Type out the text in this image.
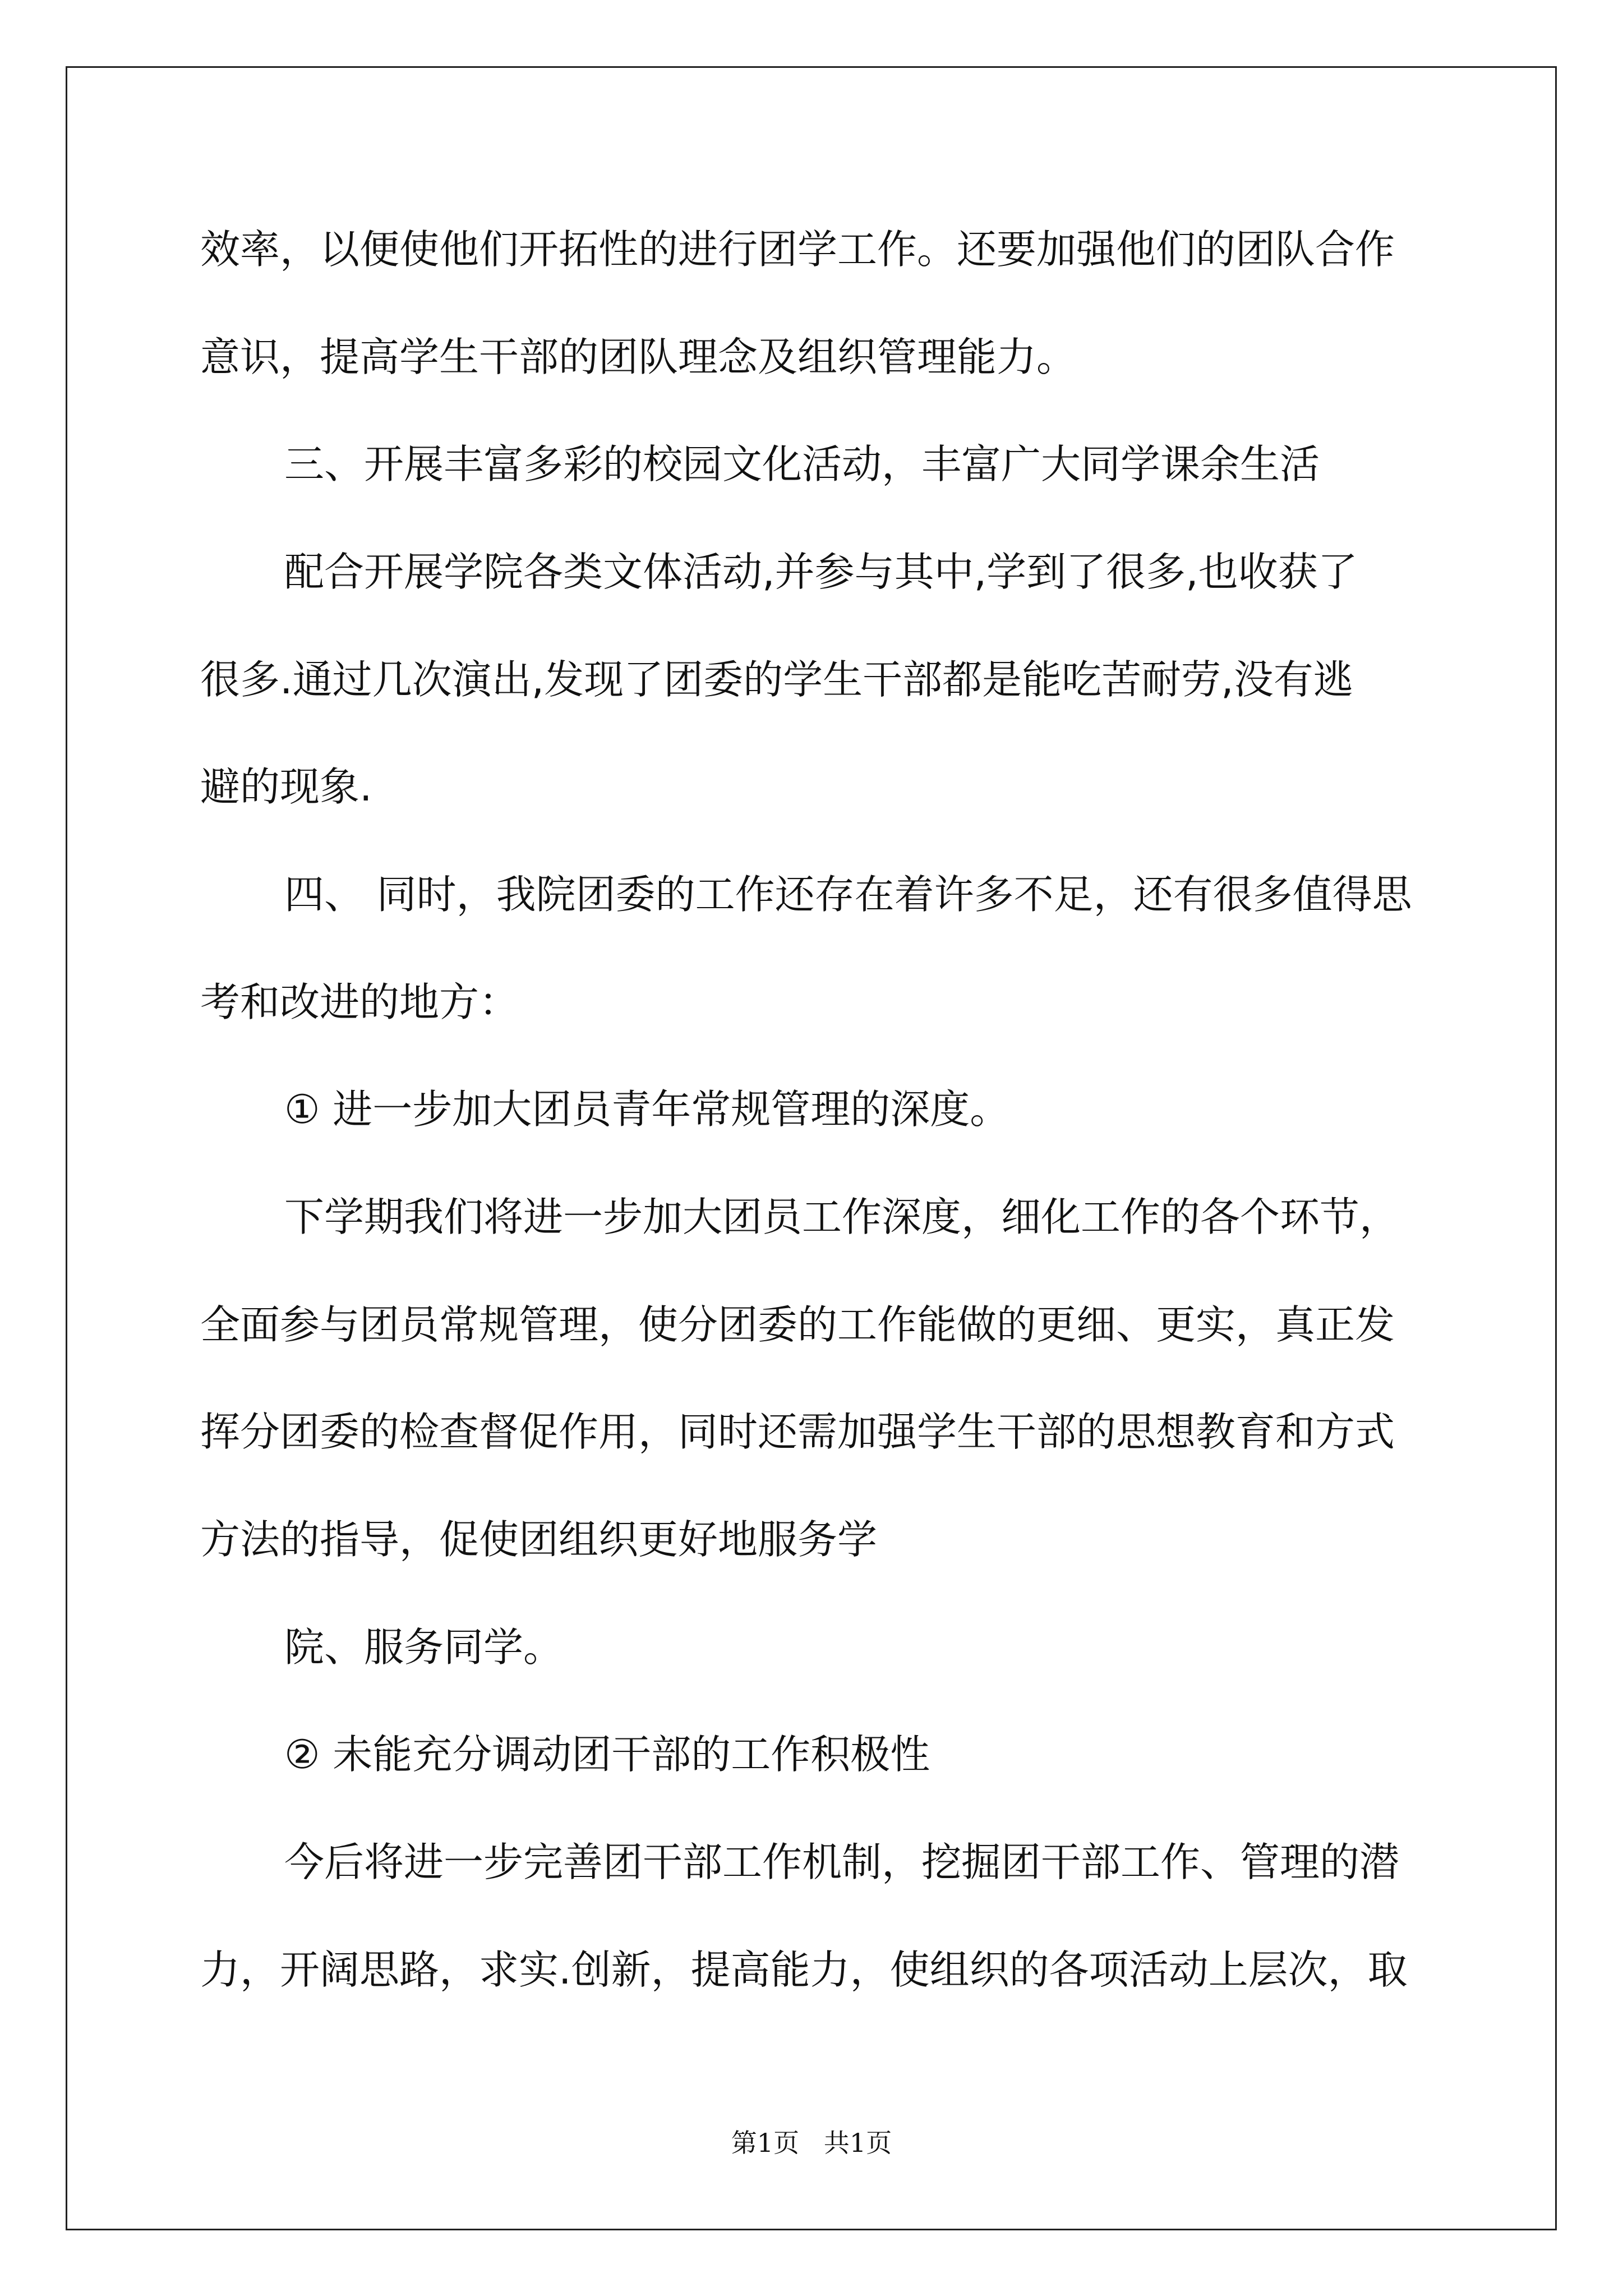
效率，以便使他们开拓性的进行团学工作。还要加强他们的团队合作
意识，提高学生干部的团队理念及组织管理能力。
三、开展丰富多彩的校园文化活动，丰富广大同学课余生活
配合开展学院各类文体活动,并参与其中,学到了很多,也收获了
很多.通过几次演出,发现了团委的学生干部都是能吃苦耐劳,没有逃
避的现象.
四、 同时，我院团委的工作还存在着许多不足，还有很多值得思
考和改进的地方：
① 进一步加大团员青年常规管理的深度。
下学期我们将进一步加大团员工作深度，细化工作的各个环节，
全面参与团员常规管理，使分团委的工作能做的更细、更实，真正发
挥分团委的检查督促作用，同时还需加强学生干部的思想教育和方式
方法的指导，促使团组织更好地服务学
院、服务同学。
② 未能充分调动团干部的工作积极性
今后将进一步完善团干部工作机制，挖掘团干部工作、管理的潜
力，开阔思路，求实.创新，提高能力，使组织的各项活动上层次，取
第1页   共1页
